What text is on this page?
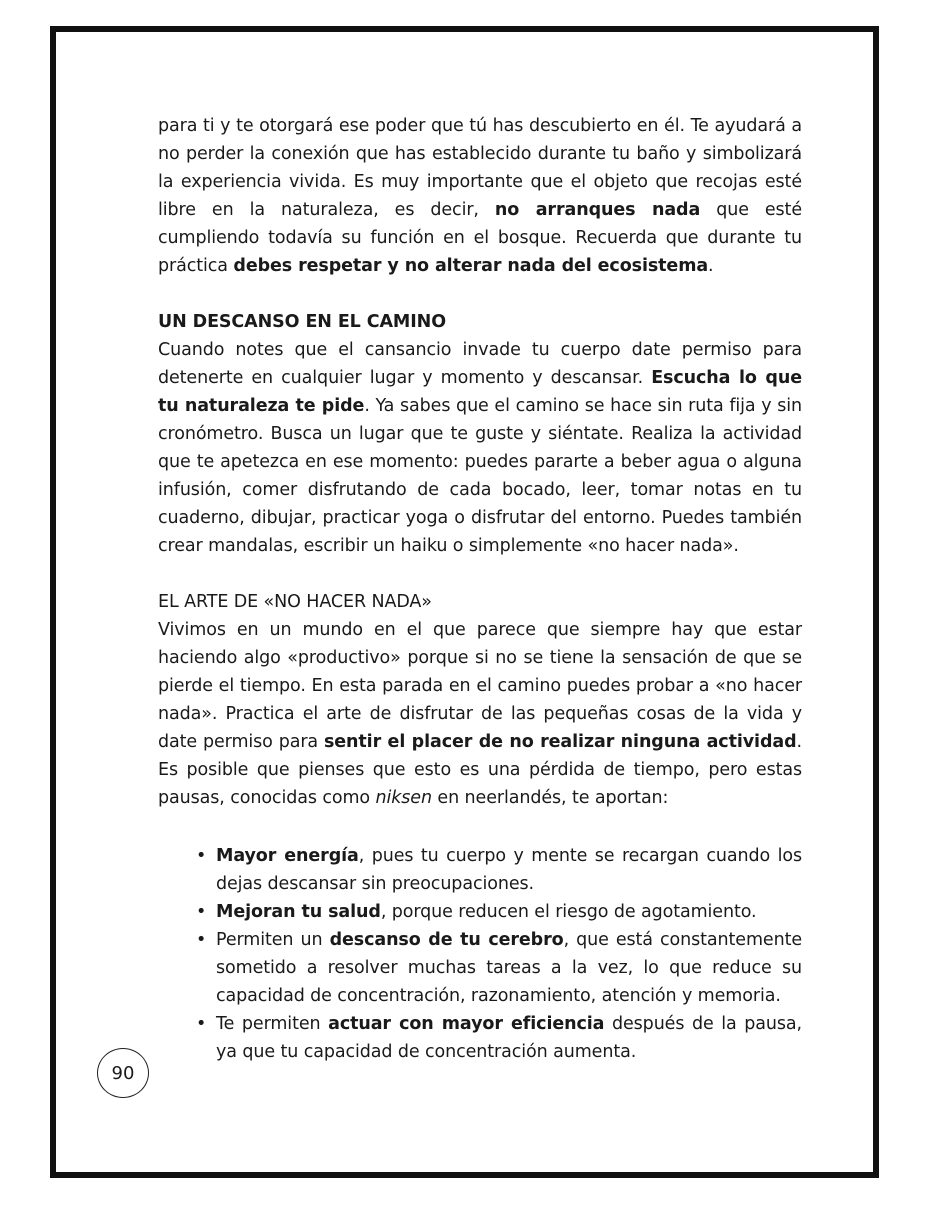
para ti y te otorgará ese poder que tú has descubierto en él. Te ayudará a no perder la conexión que has establecido durante tu baño y simbolizará la experiencia vivida. Es muy importante que el objeto que recojas esté libre en la naturaleza, es decir, no arranques nada que esté cumpliendo todavía su función en el bosque. Recuerda que durante tu práctica debes respetar y no alterar nada del ecosistema.

UN DESCANSO EN EL CAMINO

Cuando notes que el cansancio invade tu cuerpo date permiso para detenerte en cualquier lugar y momento y descansar. Escucha lo que tu naturaleza te pide. Ya sabes que el camino se hace sin ruta fija y sin cronómetro. Busca un lugar que te guste y siéntate. Realiza la actividad que te apetezca en ese momento: puedes pararte a beber agua o alguna infusión, comer disfrutando de cada bocado, leer, tomar notas en tu cuaderno, dibujar, practicar yoga o disfrutar del entorno. Puedes también crear mandalas, escribir un haiku o simplemente «no hacer nada».

EL ARTE DE «NO HACER NADA»

Vivimos en un mundo en el que parece que siempre hay que estar haciendo algo «productivo» porque si no se tiene la sensación de que se pierde el tiempo. En esta parada en el camino puedes probar a «no hacer nada». Practica el arte de disfrutar de las pequeñas cosas de la vida y date permiso para sentir el placer de no realizar ninguna actividad. Es posible que pienses que esto es una pérdida de tiempo, pero estas pausas, conocidas como niksen en neerlandés, te aportan:

• Mayor energía, pues tu cuerpo y mente se recargan cuando los dejas descansar sin preocupaciones.
• Mejoran tu salud, porque reducen el riesgo de agotamiento.
• Permiten un descanso de tu cerebro, que está constantemente sometido a resolver muchas tareas a la vez, lo que reduce su capacidad de concentración, razonamiento, atención y memoria.
• Te permiten actuar con mayor eficiencia después de la pausa, ya que tu capacidad de concentración aumenta.
90
